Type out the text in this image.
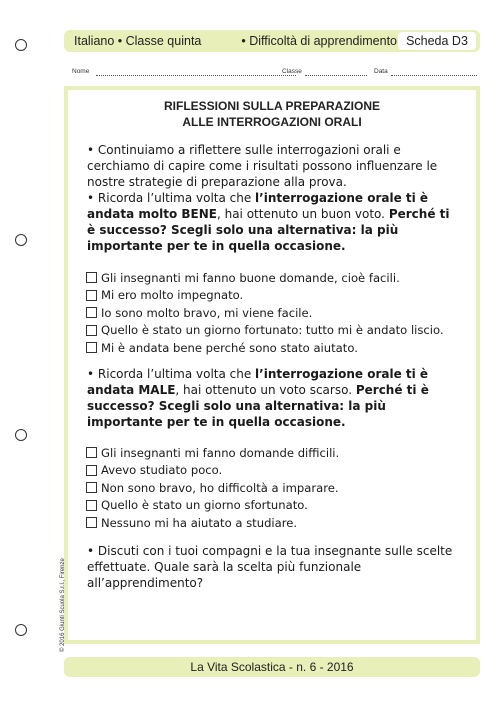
Italiano • Classe quinta	• Difficoltà di apprendimento Scheda D3
Nome	Classe	Data
RIFLESSIONI SULLA PREPARAZIONE
ALLE INTERROGAZIONI ORALI

• Continuiamo a riflettere sulle interrogazioni orali e cerchiamo di capire come i risultati possono influenzare le nostre strategie di preparazione alla prova.

• Ricorda l’ultima volta che l’interrogazione orale ti è andata molto BENE, hai ottenuto un buon voto. Perché ti è successo? Scegli solo una alternativa: la più importante per te in quella occasione.

Gli insegnanti mi fanno buone domande, cioè facili.
Mi ero molto impegnato.
Io sono molto bravo, mi viene facile.
Quello è stato un giorno fortunato: tutto mi è andato liscio.
Mi è andata bene perché sono stato aiutato.

• Ricorda l’ultima volta che l’interrogazione orale ti è andata MALE, hai ottenuto un voto scarso. Perché ti è successo? Scegli solo una alternativa: la più importante per te in quella occasione.

Gli insegnanti mi fanno domande difficili.
Avevo studiato poco.
Non sono bravo, ho difficoltà a imparare.
Quello è stato un giorno sfortunato.
Nessuno mi ha aiutato a studiare.

• Discuti con i tuoi compagni e la tua insegnante sulle scelte effettuate. Quale sarà la scelta più funzionale all’apprendimento?

© 2016 Giunti Scuola S.r.l., Firenze
La Vita Scolastica - n. 6 - 2016
